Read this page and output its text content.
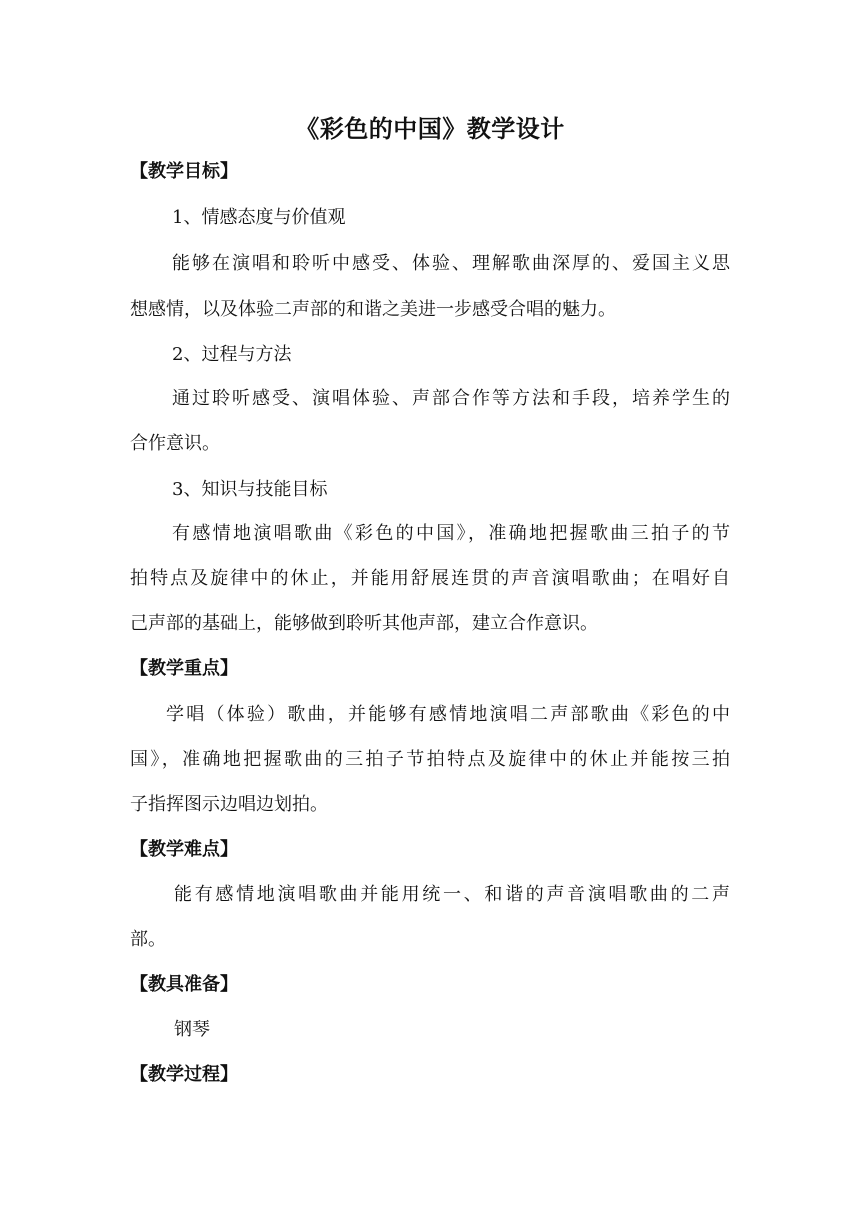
《彩色的中国》教学设计
【教学目标】
1、情感态度与价值观
能够在演唱和聆听中感受、体验、理解歌曲深厚的、爱国主义思
想感情，以及体验二声部的和谐之美进一步感受合唱的魅力。
2、过程与方法
通过聆听感受、演唱体验、声部合作等方法和手段，培养学生的
合作意识。
3、知识与技能目标
有感情地演唱歌曲《彩色的中国》，准确地把握歌曲三拍子的节
拍特点及旋律中的休止，并能用舒展连贯的声音演唱歌曲；在唱好自
己声部的基础上，能够做到聆听其他声部，建立合作意识。
【教学重点】
学唱（体验）歌曲，并能够有感情地演唱二声部歌曲《彩色的中
国》，准确地把握歌曲的三拍子节拍特点及旋律中的休止并能按三拍
子指挥图示边唱边划拍。
【教学难点】
能有感情地演唱歌曲并能用统一、和谐的声音演唱歌曲的二声
部。
【教具准备】
钢琴
【教学过程】
